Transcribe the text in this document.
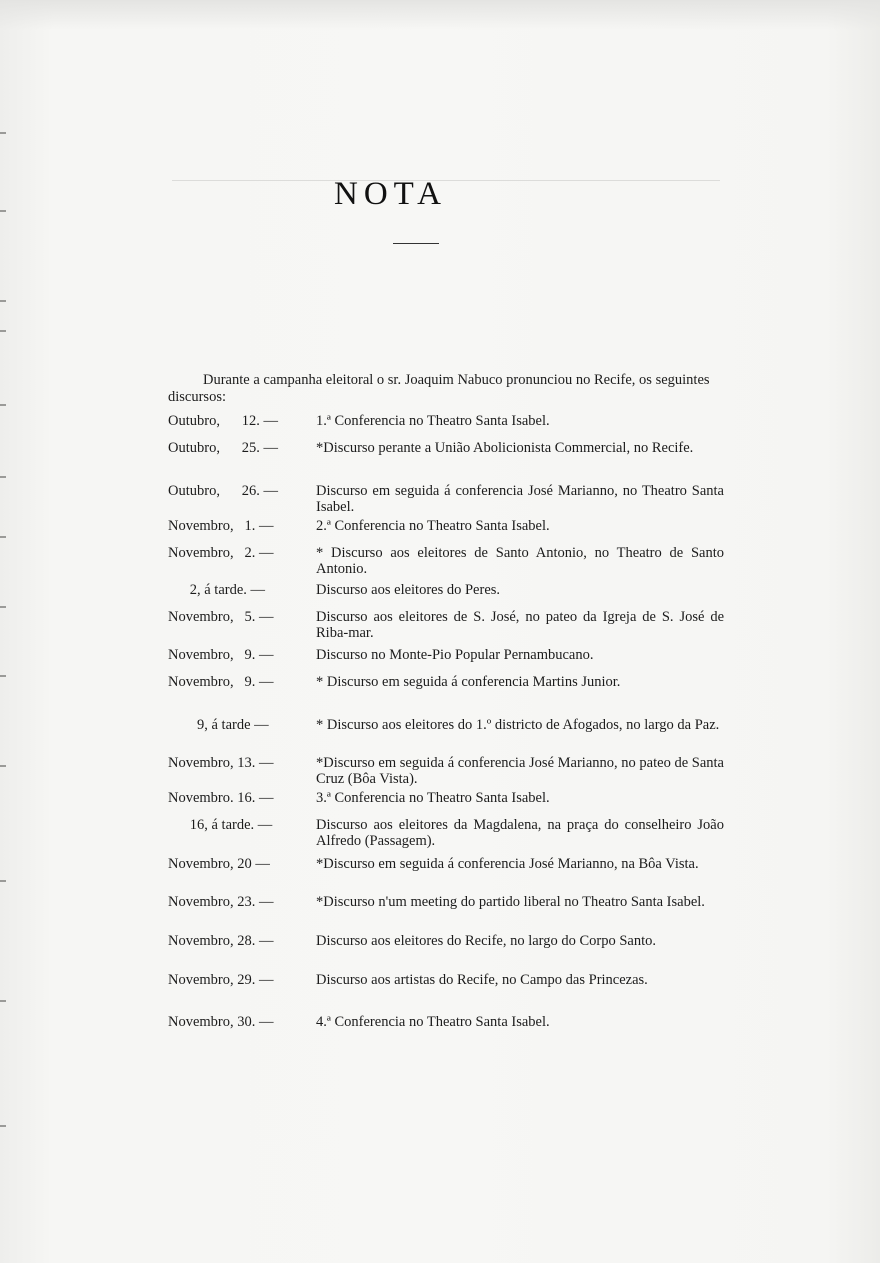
NOTA
Durante a campanha eleitoral o sr. Joaquim Nabuco pronunciou no Recife, os seguintes discursos:
Outubro,      12. —	1.ª Conferencia no Theatro Santa Isabel.
Outubro,      25. —	*Discurso perante a União Abolicionista Commercial, no Recife.
Outubro,      26. —	Discurso em seguida á conferencia José Marianno, no Theatro Santa Isabel.
Novembro,   1. —	2.ª Conferencia no Theatro Santa Isabel.
Novembro,   2. —	* Discurso aos eleitores de Santo Antonio, no Theatro de Santo Antonio.
2, á tarde. —	Discurso aos eleitores do Peres.
Novembro,   5. —	Discurso aos eleitores de S. José, no pateo da Igreja de S. José de Riba-mar.
Novembro,   9. —	Discurso no Monte-Pio Popular Pernambucano.
Novembro,   9. —	* Discurso em seguida á conferencia Martins Junior.
9, á tarde —	* Discurso aos eleitores do 1.º districto de Afogados, no largo da Paz.
Novembro, 13. —	*Discurso em seguida á conferencia José Marianno, no pateo de Santa Cruz (Bôa Vista).
Novembro. 16. —	3.ª Conferencia no Theatro Santa Isabel.
16, á tarde. —	Discurso aos eleitores da Magdalena, na praça do conselheiro João Alfredo (Passagem).
Novembro, 20 —	*Discurso em seguida á conferencia José Marianno, na Bôa Vista.
Novembro, 23. —	*Discurso n'um meeting do partido liberal no Theatro Santa Isabel.
Novembro, 28. —	Discurso aos eleitores do Recife, no largo do Corpo Santo.
Novembro, 29. —	Discurso aos artistas do Recife, no Campo das Princezas.
Novembro, 30. —	4.ª Conferencia no Theatro Santa Isabel.
